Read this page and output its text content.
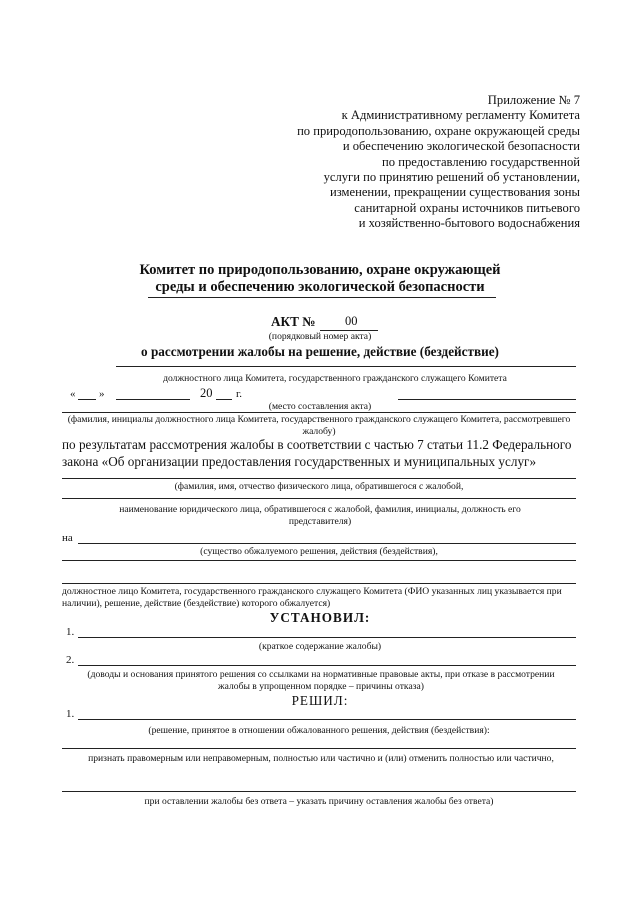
Приложение № 7
к Административному регламенту Комитета
по природопользованию, охране окружающей среды
и обеспечению экологической безопасности
по предоставлению государственной
услуги по принятию решений об установлении,
изменении, прекращении существования зоны
санитарной охраны источников питьевого
и хозяйственно-бытового водоснабжения
Комитет по природопользованию, охране окружающей
среды и обеспечению экологической безопасности
АКТ № 00
(порядковый номер акта)
о рассмотрении жалобы на решение, действие (бездействие)
должностного лица Комитета, государственного гражданского служащего Комитета
« »	20 г.
(место составления акта)
(фамилия, инициалы должностного лица Комитета, государственного гражданского служащего Комитета, рассмотревшего жалобу)
по результатам рассмотрения жалобы в соответствии с частью 7 статьи 11.2 Федерального
закона «Об организации предоставления государственных и муниципальных услуг»
(фамилия, имя, отчество физического лица, обратившегося с жалобой,
наименование юридического лица, обратившегося с жалобой, фамилия, инициалы, должность его представителя)
на
(существо обжалуемого решения, действия (бездействия),
должностное лицо Комитета, государственного гражданского служащего Комитета (ФИО указанных лиц указывается при наличии), решение, действие (бездействие) которого обжалуется)
УСТАНОВИЛ:
1.
(краткое содержание жалобы)
2.
(доводы и основания принятого решения со ссылками на нормативные правовые акты, при отказе в рассмотрении жалобы в упрощенном порядке – причины отказа)
РЕШИЛ:
1.
(решение, принятое в отношении обжалованного решения, действия (бездействия):
признать правомерным или неправомерным, полностью или частично и (или) отменить полностью или частично,
при оставлении жалобы без ответа – указать причину оставления жалобы без ответа)
